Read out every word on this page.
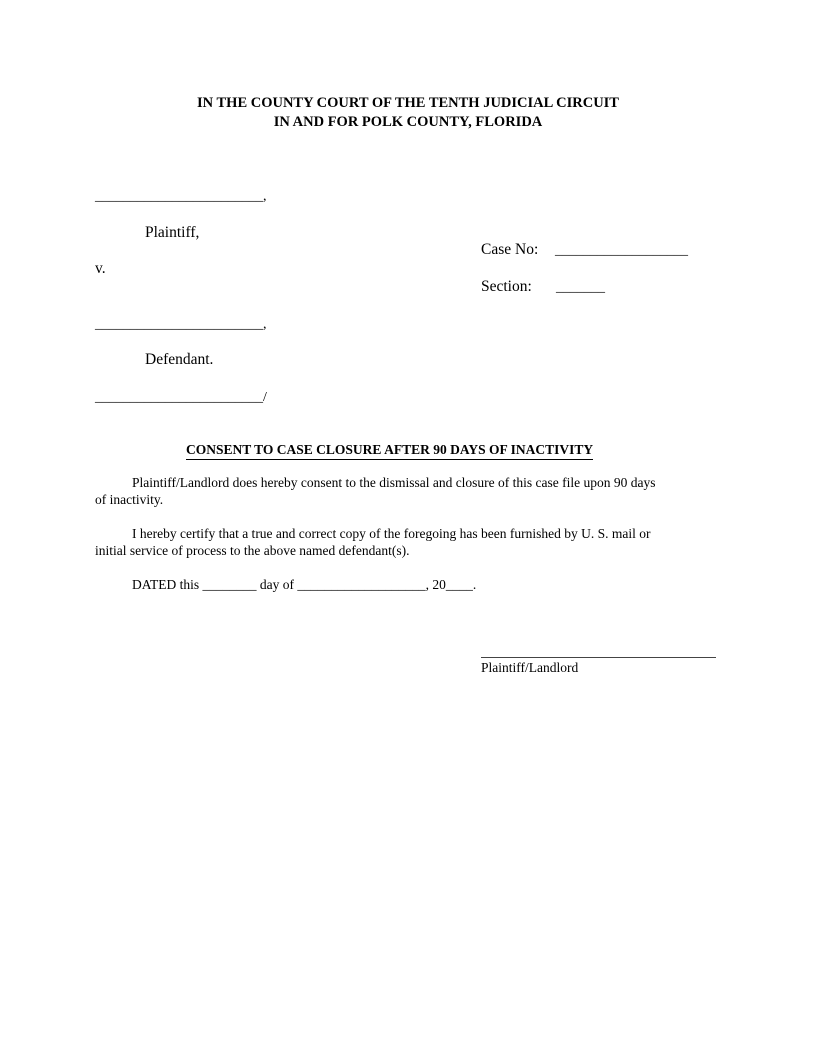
IN THE COUNTY COURT OF THE TENTH JUDICIAL CIRCUIT

IN AND FOR POLK COUNTY, FLORIDA

________________________,

Plaintiff,

Case No: ___________________

v.

Section: _______

________________________,

Defendant.

________________________/

CONSENT TO CASE CLOSURE AFTER 90 DAYS OF INACTIVITY

Plaintiff/Landlord does hereby consent to the dismissal and closure of this case file upon 90 days of inactivity.

I hereby certify that a true and correct copy of the foregoing has been furnished by U. S. mail or initial service of process to the above named defendant(s).

DATED this ________ day of ___________________, 20____.

Plaintiff/Landlord
